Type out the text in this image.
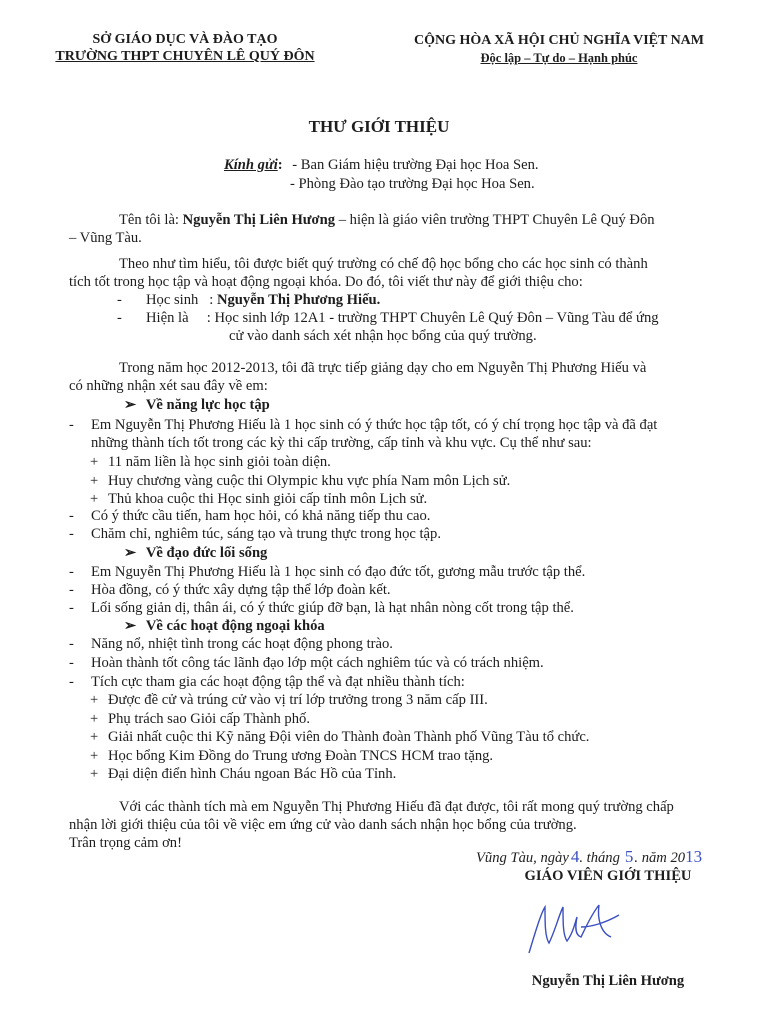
SỞ GIÁO DỤC VÀ ĐÀO TẠO
TRƯỜNG THPT CHUYÊN LÊ QUÝ ĐÔN
CỘNG HÒA XÃ HỘI CHỦ NGHĨA VIỆT NAM
Độc lập – Tự do – Hạnh phúc
THƯ GIỚI THIỆU
Kính gửi: - Ban Giám hiệu trường Đại học Hoa Sen.
- Phòng Đào tạo trường Đại học Hoa Sen.
Tên tôi là: Nguyễn Thị Liên Hương – hiện là giáo viên trường THPT Chuyên Lê Quý Đôn
– Vũng Tàu.
Theo như tìm hiểu, tôi được biết quý trường có chế độ học bổng cho các học sinh có thành
tích tốt trong học tập và hoạt động ngoại khóa. Do đó, tôi viết thư này để giới thiệu cho:
- Học sinh   : Nguyễn Thị Phương Hiếu.
- Hiện là     : Học sinh lớp 12A1 - trường THPT Chuyên Lê Quý Đôn – Vũng Tàu để ứng
cử vào danh sách xét nhận học bổng của quý trường.
Trong năm học 2012-2013, tôi đã trực tiếp giảng dạy cho em Nguyễn Thị Phương Hiếu và
có những nhận xét sau đây về em:
➢ Về năng lực học tập
- Em Nguyễn Thị Phương Hiếu là 1 học sinh có ý thức học tập tốt, có ý chí trọng học tập và đã đạt
những thành tích tốt trong các kỳ thi cấp trường, cấp tỉnh và khu vực. Cụ thể như sau:
+ 11 năm liền là học sinh giỏi toàn diện.
+ Huy chương vàng cuộc thi Olympic khu vực phía Nam môn Lịch sử.
+ Thủ khoa cuộc thi Học sinh giỏi cấp tỉnh môn Lịch sử.
- Có ý thức cầu tiến, ham học hỏi, có khả năng tiếp thu cao.
- Chăm chỉ, nghiêm túc, sáng tạo và trung thực trong học tập.
➢ Về đạo đức lối sống
- Em Nguyễn Thị Phương Hiếu là 1 học sinh có đạo đức tốt, gương mẫu trước tập thể.
- Hòa đồng, có ý thức xây dựng tập thể lớp đoàn kết.
- Lối sống giản dị, thân ái, có ý thức giúp đỡ bạn, là hạt nhân nòng cốt trong tập thể.
➢ Về các hoạt động ngoại khóa
- Năng nổ, nhiệt tình trong các hoạt động phong trào.
- Hoàn thành tốt công tác lãnh đạo lớp một cách nghiêm túc và có trách nhiệm.
- Tích cực tham gia các hoạt động tập thể và đạt nhiều thành tích:
+ Được đề cử và trúng cử vào vị trí lớp trưởng trong 3 năm cấp III.
+ Phụ trách sao Giỏi cấp Thành phố.
+ Giải nhất cuộc thi Kỹ năng Đội viên do Thành đoàn Thành phố Vũng Tàu tổ chức.
+ Học bổng Kim Đồng do Trung ương Đoàn TNCS HCM trao tặng.
+ Đại diện điển hình Cháu ngoan Bác Hồ của Tỉnh.
Với các thành tích mà em Nguyễn Thị Phương Hiếu đã đạt được, tôi rất mong quý trường chấp
nhận lời giới thiệu của tôi về việc em ứng cử vào danh sách nhận học bổng của trường.
Trân trọng cảm ơn!
Vũng Tàu, ngày 4. tháng 5. năm 2013
GIÁO VIÊN GIỚI THIỆU
Nguyễn Thị Liên Hương
